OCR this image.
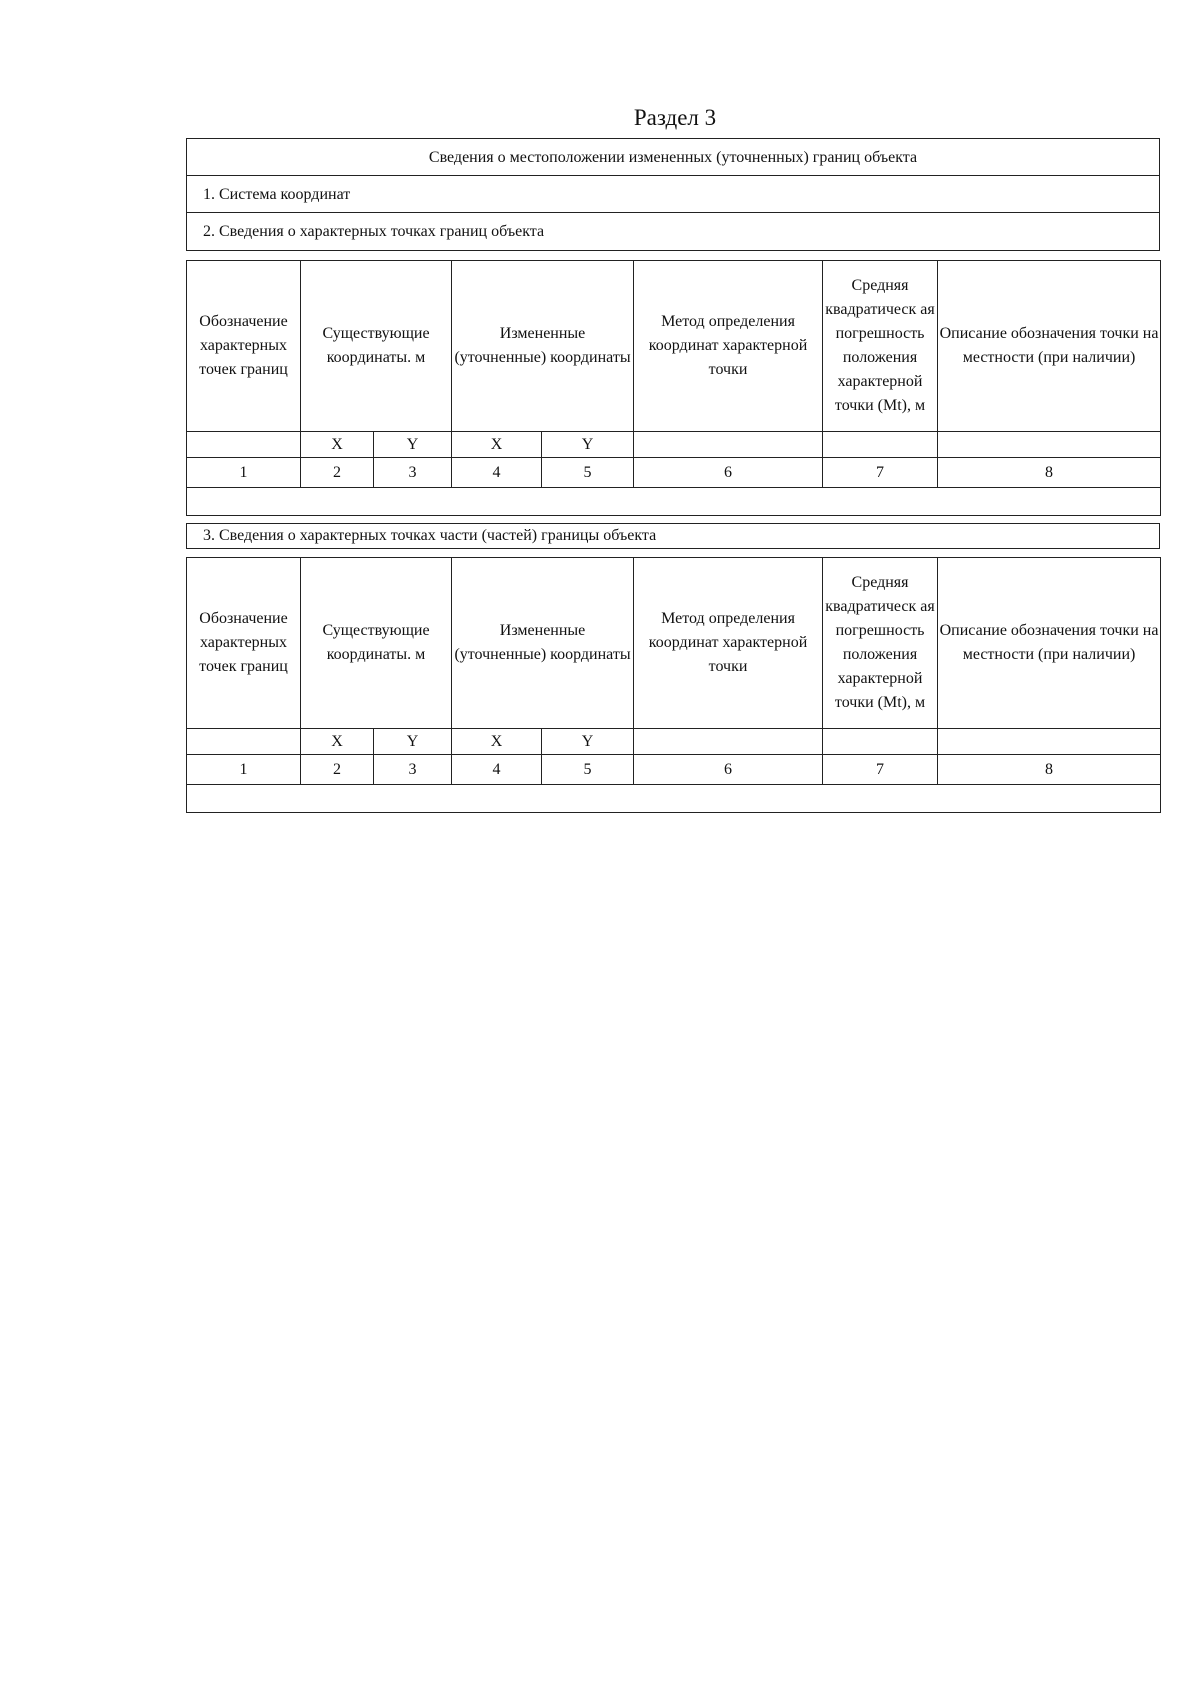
Раздел 3
Сведения о местоположении измененных (уточненных) границ объекта
1. Система координат
2. Сведения о характерных точках границ объекта
Обозначение характерных точек границ	Существующие координаты. м		Измененные (уточненные) координаты		Метод определения координат характерной точки	Средняя квадратическ ая погрешность положения характерной точки (Mt), м	Описание обозначения точки на местности (при наличии)
	X	Y	X	Y			
1	2	3	4	5	6	7	8

3. Сведения о характерных точках части (частей) границы объекта
Обозначение характерных точек границ	Существующие координаты. м		Измененные (уточненные) координаты		Метод определения координат характерной точки	Средняя квадратическ ая погрешность положения характерной точки (Mt), м	Описание обозначения точки на местности (при наличии)
	X	Y	X	Y			
1	2	3	4	5	6	7	8
